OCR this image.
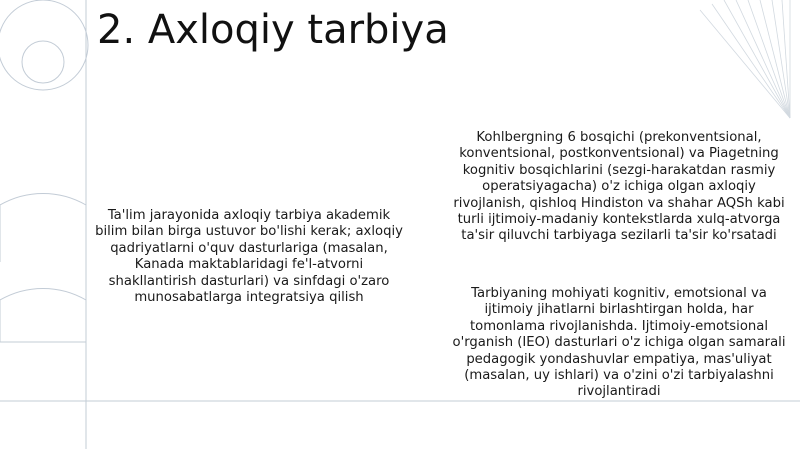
2. Axloqiy tarbiya

Ta'lim jarayonida axloqiy tarbiya akademik bilim bilan birga ustuvor bo'lishi kerak; axloqiy qadriyatlarni o'quv dasturlariga (masalan, Kanada maktablaridagi fe'l-atvorni shakllantirish dasturlari) va sinfdagi o'zaro munosabatlarga integratsiya qilish

Kohlbergning 6 bosqichi (prekonventsional, konventsional, postkonventsional) va Piagetning kognitiv bosqichlarini (sezgi-harakatdan rasmiy operatsiyagacha) o'z ichiga olgan axloqiy rivojlanish, qishloq Hindiston va shahar AQSh kabi turli ijtimoiy-madaniy kontekstlarda xulq-atvorga ta'sir qiluvchi tarbiyaga sezilarli ta'sir ko'rsatadi

Tarbiyaning mohiyati kognitiv, emotsional va ijtimoiy jihatlarni birlashtirgan holda, har tomonlama rivojlanishda. Ijtimoiy-emotsional o'rganish (IEO) dasturlari o'z ichiga olgan samarali pedagogik yondashuvlar empatiya, mas'uliyat (masalan, uy ishlari) va o'zini o'zi tarbiyalashni rivojlantiradi
